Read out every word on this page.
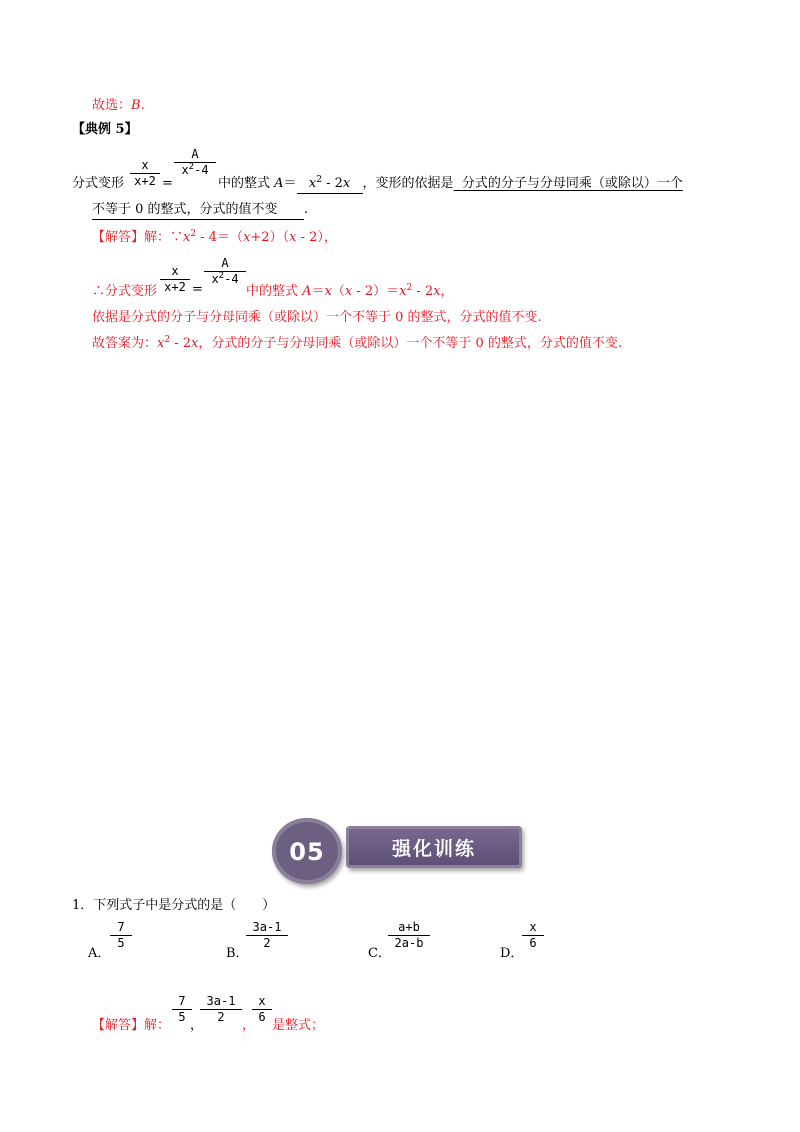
故选：B.
【典例 5】
分式变形 $\frac{x}{x+2}$ =
$\frac{A}{x^2-4}$
中的整式 $A= x^2 - 2x$ ，变形的依据是  分式的分子与分母同乘（或除以）一个
不等于 0 的整式，分式的值不变 .
【解答】解：$\because x^2 - 4=(x+2)(x - 2)$，
∴分式变形 $\frac{x}{x+2}$ =
$\frac{A}{x^2-4}$
中的整式 $A=x(x - 2)=x^2 - 2x$，
依据是分式的分子与分母同乘（或除以）一个不等于 0 的整式，分式的值不变.
故答案为：$x^2 - 2x$，分式的分子与分母同乘（或除以）一个不等于 0 的整式，分式的值不变.
强化训练
05
1．下列式子中是分式的是（　　）
A．
$\frac{7}{5}$
B．
$\frac{3a-1}{2}$
C．
$\frac{a+b}{2a-b}$
D．
$\frac{x}{6}$
【解答】解：
$\frac{7}{5}$
，
$\frac{3a-1}{2}$
，
$\frac{x}{6}$
是整式；
